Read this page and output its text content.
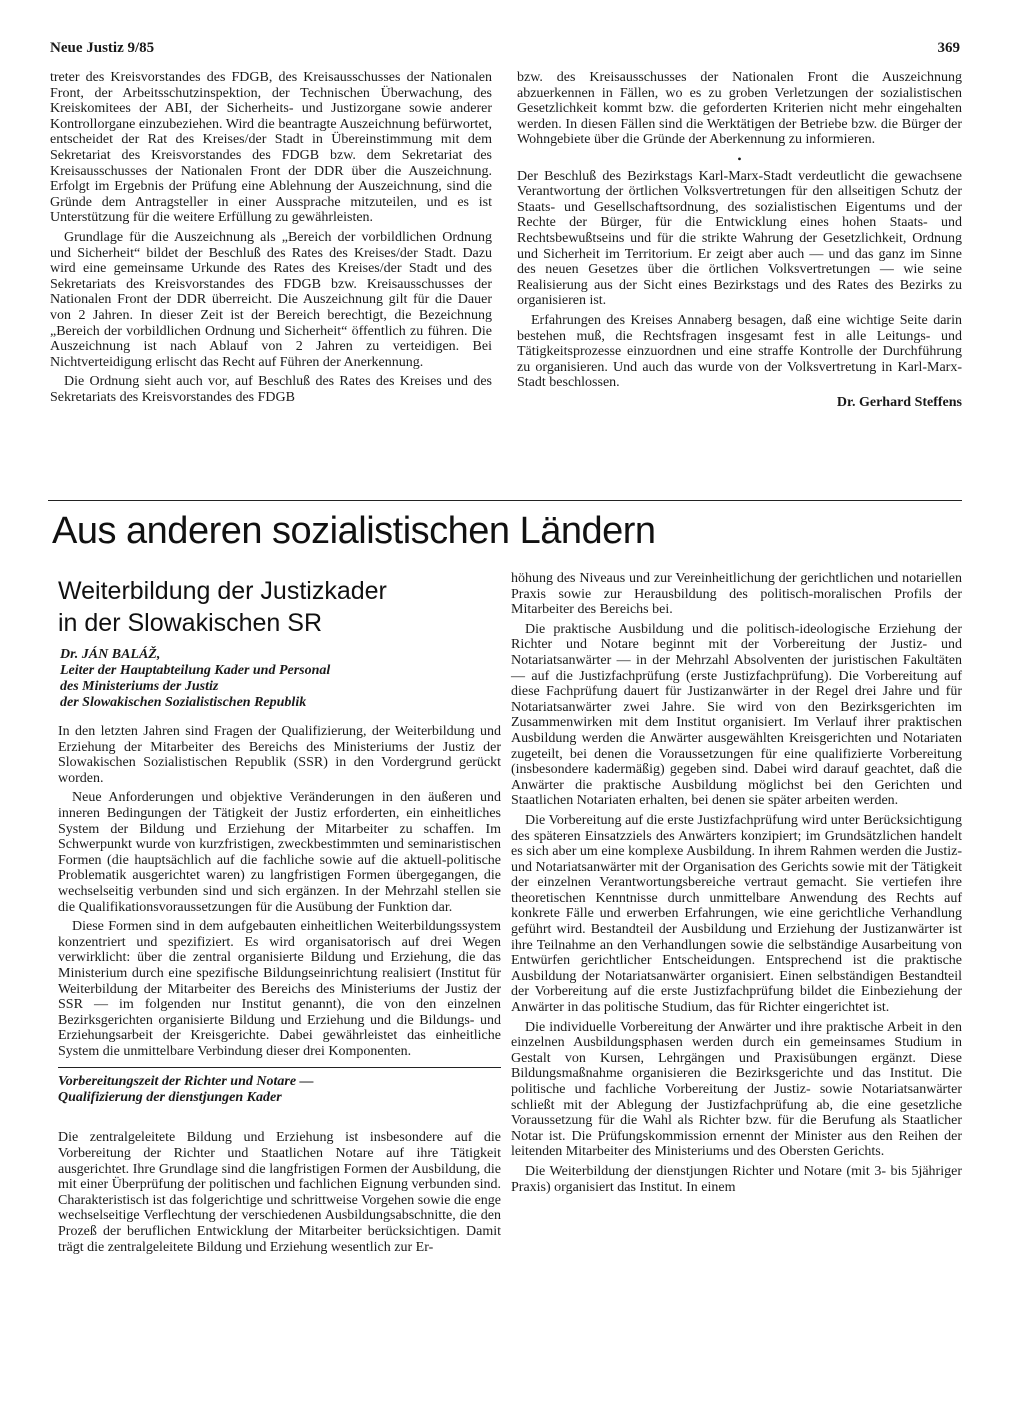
Neue Justiz 9/85	369

treter des Kreisvorstandes des FDGB, des Kreisausschusses der Nationalen Front, der Arbeitsschutzinspektion, der Technischen Überwachung, des Kreiskomitees der ABI, der Sicherheits- und Justizorgane sowie anderer Kontrollorgane einzubeziehen. Wird die beantragte Auszeichnung befürwortet, entscheidet der Rat des Kreises/der Stadt in Übereinstimmung mit dem Sekretariat des Kreisvorstandes des FDGB bzw. dem Sekretariat des Kreisausschusses der Nationalen Front der DDR über die Auszeichnung. Erfolgt im Ergebnis der Prüfung eine Ablehnung der Auszeichnung, sind die Gründe dem Antragsteller in einer Aussprache mitzuteilen, und es ist Unterstützung für die weitere Erfüllung zu gewährleisten.

Grundlage für die Auszeichnung als „Bereich der vorbildlichen Ordnung und Sicherheit“ bildet der Beschluß des Rates des Kreises/der Stadt. Dazu wird eine gemeinsame Urkunde des Rates des Kreises/der Stadt und des Sekretariats des Kreisvorstandes des FDGB bzw. Kreisausschusses der Nationalen Front der DDR überreicht. Die Auszeichnung gilt für die Dauer von 2 Jahren. In dieser Zeit ist der Bereich berechtigt, die Bezeichnung „Bereich der vorbildlichen Ordnung und Sicherheit“ öffentlich zu führen. Die Auszeichnung ist nach Ablauf von 2 Jahren zu verteidigen. Bei Nichtverteidigung erlischt das Recht auf Führen der Anerkennung.

Die Ordnung sieht auch vor, auf Beschluß des Rates des Kreises und des Sekretariats des Kreisvorstandes des FDGB

bzw. des Kreisausschusses der Nationalen Front die Auszeichnung abzuerkennen in Fällen, wo es zu groben Verletzungen der sozialistischen Gesetzlichkeit kommt bzw. die geforderten Kriterien nicht mehr eingehalten werden. In diesen Fällen sind die Werktätigen der Betriebe bzw. die Bürger der Wohngebiete über die Gründe der Aberkennung zu informieren.

•

Der Beschluß des Bezirkstags Karl-Marx-Stadt verdeutlicht die gewachsene Verantwortung der örtlichen Volksvertretungen für den allseitigen Schutz der Staats- und Gesellschaftsordnung, des sozialistischen Eigentums und der Rechte der Bürger, für die Entwicklung eines hohen Staats- und Rechtsbewußtseins und für die strikte Wahrung der Gesetzlichkeit, Ordnung und Sicherheit im Territorium. Er zeigt aber auch — und das ganz im Sinne des neuen Gesetzes über die örtlichen Volksvertretungen — wie seine Realisierung aus der Sicht eines Bezirkstags und des Rates des Bezirks zu organisieren ist.

Erfahrungen des Kreises Annaberg besagen, daß eine wichtige Seite darin bestehen muß, die Rechtsfragen insgesamt fest in alle Leitungs- und Tätigkeitsprozesse einzuordnen und eine straffe Kontrolle der Durchführung zu organisieren. Und auch das wurde von der Volksvertretung in Karl-Marx-Stadt beschlossen.

Dr. Gerhard Steffens
Aus anderen sozialistischen Ländern
Weiterbildung der Justizkader
in der Slowakischen SR
Dr. JÁN BALÁŽ,
Leiter der Hauptabteilung Kader und Personal
des Ministeriums der Justiz
der Slowakischen Sozialistischen Republik

In den letzten Jahren sind Fragen der Qualifizierung, der Weiterbildung und Erziehung der Mitarbeiter des Bereichs des Ministeriums der Justiz der Slowakischen Sozialistischen Republik (SSR) in den Vordergrund gerückt worden.

Neue Anforderungen und objektive Veränderungen in den äußeren und inneren Bedingungen der Tätigkeit der Justiz erforderten, ein einheitliches System der Bildung und Erziehung der Mitarbeiter zu schaffen. Im Schwerpunkt wurde von kurzfristigen, zweckbestimmten und seminaristischen Formen (die hauptsächlich auf die fachliche sowie auf die aktuell-politische Problematik ausgerichtet waren) zu langfristigen Formen übergegangen, die wechselseitig verbunden sind und sich ergänzen. In der Mehrzahl stellen sie die Qualifikationsvoraussetzungen für die Ausübung der Funktion dar.

Diese Formen sind in dem aufgebauten einheitlichen Weiterbildungssystem konzentriert und spezifiziert. Es wird organisatorisch auf drei Wegen verwirklicht: über die zentral organisierte Bildung und Erziehung, die das Ministerium durch eine spezifische Bildungseinrichtung realisiert (Institut für Weiterbildung der Mitarbeiter des Bereichs des Ministeriums der Justiz der SSR — im folgenden nur Institut genannt), die von den einzelnen Bezirksgerichten organisierte Bildung und Erziehung und die Bildungs- und Erziehungsarbeit der Kreisgerichte. Dabei gewährleistet das einheitliche System die unmittelbare Verbindung dieser drei Komponenten.

Vorbereitungszeit der Richter und Notare —
Qualifizierung der dienstjungen Kader

Die zentralgeleitete Bildung und Erziehung ist insbesondere auf die Vorbereitung der Richter und Staatlichen Notare auf ihre Tätigkeit ausgerichtet. Ihre Grundlage sind die langfristigen Formen der Ausbildung, die mit einer Überprüfung der politischen und fachlichen Eignung verbunden sind. Charakteristisch ist das folgerichtige und schrittweise Vorgehen sowie die enge wechselseitige Verflechtung der verschiedenen Ausbildungsabschnitte, die den Prozeß der beruflichen Entwicklung der Mitarbeiter berücksichtigen. Damit trägt die zentralgeleitete Bildung und Erziehung wesentlich zur Er-

höhung des Niveaus und zur Vereinheitlichung der gerichtlichen und notariellen Praxis sowie zur Herausbildung des politisch-moralischen Profils der Mitarbeiter des Bereichs bei.

Die praktische Ausbildung und die politisch-ideologische Erziehung der Richter und Notare beginnt mit der Vorbereitung der Justiz- und Notariatsanwärter — in der Mehrzahl Absolventen der juristischen Fakultäten — auf die Justizfachprüfung (erste Justizfachprüfung). Die Vorbereitung auf diese Fachprüfung dauert für Justizanwärter in der Regel drei Jahre und für Notariatsanwärter zwei Jahre. Sie wird von den Bezirksgerichten im Zusammenwirken mit dem Institut organisiert. Im Verlauf ihrer praktischen Ausbildung werden die Anwärter ausgewählten Kreisgerichten und Notariaten zugeteilt, bei denen die Voraussetzungen für eine qualifizierte Vorbereitung (insbesondere kadermäßig) gegeben sind. Dabei wird darauf geachtet, daß die Anwärter die praktische Ausbildung möglichst bei den Gerichten und Staatlichen Notariaten erhalten, bei denen sie später arbeiten werden.

Die Vorbereitung auf die erste Justizfachprüfung wird unter Berücksichtigung des späteren Einsatzziels des Anwärters konzipiert; im Grundsätzlichen handelt es sich aber um eine komplexe Ausbildung. In ihrem Rahmen werden die Justiz- und Notariatsanwärter mit der Organisation des Gerichts sowie mit der Tätigkeit der einzelnen Verantwortungsbereiche vertraut gemacht. Sie vertiefen ihre theoretischen Kenntnisse durch unmittelbare Anwendung des Rechts auf konkrete Fälle und erwerben Erfahrungen, wie eine gerichtliche Verhandlung geführt wird. Bestandteil der Ausbildung und Erziehung der Justizanwärter ist ihre Teilnahme an den Verhandlungen sowie die selbständige Ausarbeitung von Entwürfen gerichtlicher Entscheidungen. Entsprechend ist die praktische Ausbildung der Notariatsanwärter organisiert. Einen selbständigen Bestandteil der Vorbereitung auf die erste Justizfachprüfung bildet die Einbeziehung der Anwärter in das politische Studium, das für Richter eingerichtet ist.

Die individuelle Vorbereitung der Anwärter und ihre praktische Arbeit in den einzelnen Ausbildungsphasen werden durch ein gemeinsames Studium in Gestalt von Kursen, Lehrgängen und Praxisübungen ergänzt. Diese Bildungsmaßnahme organisieren die Bezirksgerichte und das Institut. Die politische und fachliche Vorbereitung der Justiz- sowie Notariatsanwärter schließt mit der Ablegung der Justizfachprüfung ab, die eine gesetzliche Voraussetzung für die Wahl als Richter bzw. für die Berufung als Staatlicher Notar ist. Die Prüfungskommission ernennt der Minister aus den Reihen der leitenden Mitarbeiter des Ministeriums und des Obersten Gerichts.

Die Weiterbildung der dienstjungen Richter und Notare (mit 3- bis 5jähriger Praxis) organisiert das Institut. In einem
